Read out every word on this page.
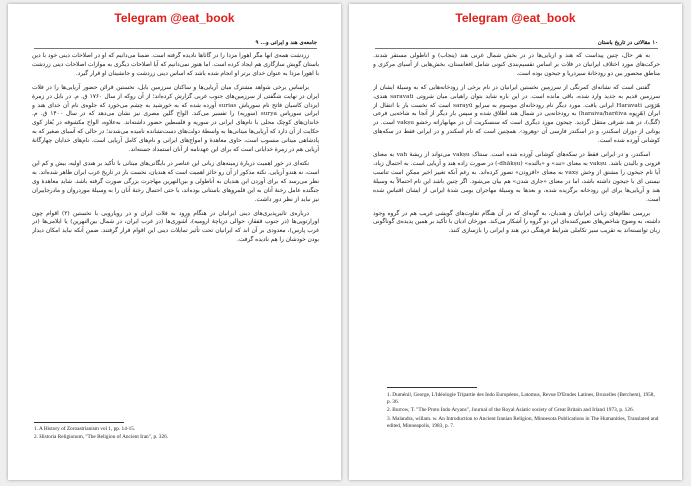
Telegram @eat_book
جامعه‌ی هند و ایرانی و... ۹

زردشت همه‌ی آنها مگر اهورا مزدا را در گاثاها نادیده گرفته است. ضمناً می‌دانیم که او در اصلاحات دینی خود با دین باستان گویش سازگاری هم ایجاد کرده است. اما هنوز نمی‌دانیم که آیا اصلاحات دیگری به موازات اصلاحات دینی زردشت با اهورا مزدا به عنوان خدای برتر او انجام شده باشد که اساس دینی زردشت و جانشینان او قرار گیرد.

براساس برخی شواهد مشترک میان آریایی‌ها و ساکنان سرزمین بابل، نخستین قرائن حضور آریایی‌ها را در فلات ایران در نهایت شگفتی از سرزمین‌های جنوب غربی گزارش کرده‌اند؛ از آن روکه از سال ۱۷۶۰ ق. م. در بابل در زمرهٔ ایزدان کاسیان فاتح نام سوریاش surias آورده شده که به خورشید به چشم می‌خورد که جلوه‌ی نام آن خدای هند و ایرانی سوریاس surya (سوریه) را تفسیر می‌کند. الواح گلین مصری نیز نشان می‌دهد که در سال ۱۴۰۰ ق. م. خاندان‌های کوچک محلی با نام‌های ایرانی در سوریه و فلسطین حضور داشته‌اند. به‌علاوه، الواح مکشوفه در بُغاز کوی حکایت از آن دارد که آریایی‌ها میتانی‌ها به واسطهٔ دولت‌های دست‌نشانده نامیده می‌شدند؛ در حالی که آسیای صغیر که به پادشاهی میتانی منسوب است، حاوی معاهدهٔ و امواج‌های ایرانی و نام‌های کامل آریایی است. نام‌های خدایان چهارگانهٔ آریایی هم در زمرهٔ خدایانی است که برای این عهدنامه از آنان استمداد جسته‌اند.

نکته‌ای در خور اهمیت دربارهٔ زمینه‌های زبانی این عناصر در بایگانی‌های میتانی با تأکید بر هندی اولیه، بیش و کم این است، نه هندو آریایی. نکته مذکور از آن رو حائز اهمیت است که هندیان، نخست بار در تاریخ غرب ایران ظاهر شده‌اند. به نظر می‌رسد که برای آوردن این هندیان به آناطولی و بین‌النهرین مهاجرت بزرگی صورت گرفته باشد. شاید معاهدهٔ وی جنگنده عامل رخنهٔ آنان به این قلمروهای باستانی بوده‌اند، با حتی احتمال رخنهٔ آنان را به وسیلهٔ موردروان و مادرجاییران نیز نباید از نظر دور داشت.

درباره‌ی تاثیرپذیری‌های دینی ایرانیان در هنگام ورود به فلات ایران و در رویارویی با نخستین (۲) اقوام چون اورارتویی‌ها (در جنوب قفقاز، حوالی دریاچهٔ ارومیه)، آشوری‌ها (در غرب ایران، در شمال بین‌النهرین) یا ایلامی‌ها (در غرب پارس)، معدودی بر آن اند که ایرانیان تحت تأثیر تمایلات دینی این اقوام قرار گرفتند. ضمن آنکه نباید امکان دیدار بودن خودشان را هم نادیده گرفت.

1. A History of Zoroastrianism vol 1, pp. 14-15.
2. Historia Religionum, "The Religion of Ancient Iran", p. 326.
Telegram @eat_book
۱۰ مقالاتی در تاریخ باستان

به هر حال، چنین پیداست که هند و آریایی‌ها در در بخش شمال غربی هند (پنجاب) و آناطولی مستقر شدند. حرکت‌های مورد اختلاف ایرانیان در فلات بر اساس تقسیم‌بندی کنونی شامل افغانستان، بخش‌هایی از آسیای مرکزی و مناطق محصور بین دو رودخانهٔ سیردریا و جیحون بوده است.

گفتنی است که نشانه‌ای کمرنگی از سرزمین نخستین ایرانیان در نام برخی از رودخانه‌هایی که به وسیلهٔ ایشان از سرزمین قدیم به جدید وارد شده، باقی مانده است. در این باره شاید بتوان راهیابی میان شروتی saravati هندی، هَرَوَتی Haravati ایرانی یافت. مورد دیگر نام رودخانه‌ای موسوم به سرایو sarayū است که نخست بار با انتقال از ایران (هَرِیوه haraiva/harēiva) به رودخانه‌یی در شمال هند اطلاق شده و سپس بار دیگر از آنجا به شاخه‌یی فرعی (گنگ)، در هند شرقی منتقل گردید. چیحون مورد دیگری است که سنسکریت آن در مهابهاراته رخشو vakṣu است. در یونانی از دوران اسکندر، و در اسکندر فارسی آن ‹وهرود›. همچنین است که نام اسکندر و در ایرانی فقط در سکه‌های کوشانی آورده شده است.

اسکندر، و در ایرانی فقط در سکه‌های کوشانی آورده شده است. سنتاک vakṣu می‌تواند از ریشهٔ vah به معنای فزونی و بالیدن باشد. vakṣu به معنای «تند» و «بالنده» (dhākṣu-) در صورت زاده هند و آریایی است. به احتمال زیاد، آیا نام جیحون را مشتق از وخش vaxṣ به معنای «افزودن» تصور کرده‌اند. به رغم آنکه تغییر اخیر ممکن است تناسب نیستی ای با جیحون داشته باشد، اما در معنای «جاری شدن» هم بیان می‌شود. اگر چنین باشد این نام احتمالاً به وسیلهٔ هند و آریایی‌ها برای این رودخانه برگزیده شده، و بعدها به وسیلهٔ مهاجران بومی شدهٔ ایرانی از ایشان اقتباس شده است.

بررسی نظام‌های زبانی ایرانیان و هندیان، به گونه‌ای که در آن هنگام تفاوت‌های گویشی غریب هم در گروه وجود داشته، به وضوح شاخص‌های تعیین‌کننده‌ای این دو گروه را آشکار می‌کند. مورخان ادیان با تأکید بر همین پدیده‌ی گوناگونی زبان توانسته‌اند به تقریب سیر تکاملی شرایط فرهنگی دین هند و ایرانی را بازسازی کنند.

1. Duménil, George, L'Idéologie Tripartie des Indo Européens, Latomus, Revue D'Etudes Latines, Bruxelles (Berchem), 1958, p. 36.
2. Burrow, T. "The Proto Indo Aryans", Journal of the Royal Asiatic society of Great Britain and Irland 1973, p. 126.
3. Malandra, willam. w. An Introduction to Ancient Iranian Religion, Minnesota Publications in The Humanities, Translated and edited, Minneapolis, 1983, p. 7.
